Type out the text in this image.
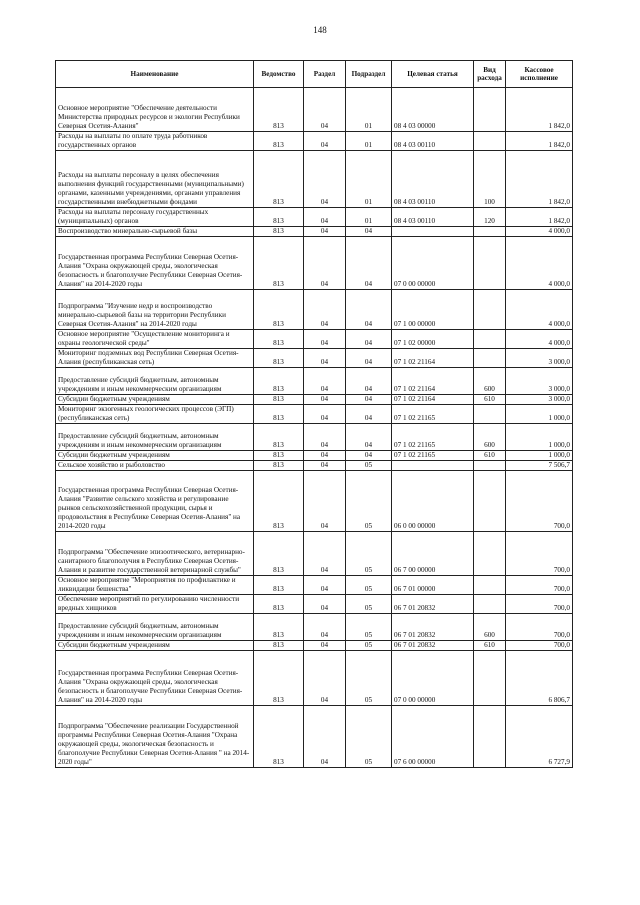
148
Наименование	Ведомство	Раздел	Подраздел	Целевая статья	Вид расхода	Кассовое исполнение
Основное мероприятие "Обеспечение деятельности Министерства природных ресурсов и экологии Республики Северная Осетия-Алания"	813	04	01	08 4 03 00000		1 842,0
Расходы на выплаты по оплате труда работников государственных органов	813	04	01	08 4 03 00110		1 842,0
Расходы на выплаты персоналу в целях обеспечения выполнения функций государственными (муниципальными) органами, казенными учреждениями, органами управления государственными внебюджетными фондами	813	04	01	08 4 03 00110	100	1 842,0
Расходы на выплаты персоналу государственных (муниципальных) органов	813	04	01	08 4 03 00110	120	1 842,0
Воспроизводство минерально-сырьевой базы	813	04	04			4 000,0
Государственная программа Республики Северная Осетия-Алания "Охрана окружающей среды, экологическая безопасность и благополучие Республики Северная Осетия-Алания" на 2014-2020 годы	813	04	04	07 0 00 00000		4 000,0
Подпрограмма "Изучение недр и воспроизводство минерально-сырьевой базы на территории Республики Северная Осетия-Алания" на 2014-2020 годы	813	04	04	07 1 00 00000		4 000,0
Основное мероприятие "Осуществление мониторинга и охраны геологической среды"	813	04	04	07 1 02 00000		4 000,0
Мониторинг подземных вод Республики Северная Осетия-Алания (республиканская сеть)	813	04	04	07 1 02 21164		3 000,0
Предоставление субсидий бюджетным, автономным учреждениям и иным некоммерческим организациям	813	04	04	07 1 02 21164	600	3 000,0
Субсидии бюджетным учреждениям	813	04	04	07 1 02 21164	610	3 000,0
Мониторинг экзогенных геологических процессов (ЭГП) (республиканская сеть)	813	04	04	07 1 02 21165		1 000,0
Предоставление субсидий бюджетным, автономным учреждениям и иным некоммерческим организациям	813	04	04	07 1 02 21165	600	1 000,0
Субсидии бюджетным учреждениям	813	04	04	07 1 02 21165	610	1 000,0
Сельское хозяйство и рыболовство	813	04	05			7 506,7
Государственная программа Республики Северная Осетия-Алания "Развитие сельского хозяйства и регулирование рынков сельскохозяйственной продукции, сырья и продовольствия в Республике Северная Осетия-Алания" на 2014-2020 годы	813	04	05	06 0 00 00000		700,0
Подпрограмма "Обеспечение эпизоотического, ветеринарно-санитарного благополучия в Республике Северная Осетия-Алания и развитие государственной ветеринарной службы"	813	04	05	06 7 00 00000		700,0
Основное мероприятие "Мероприятия по профилактике и ликвидации бешенства"	813	04	05	06 7 01 00000		700,0
Обеспечение мероприятий по регулированию численности вредных хищников	813	04	05	06 7 01 20832		700,0
Предоставление субсидий бюджетным, автономным учреждениям и иным некоммерческим организациям	813	04	05	06 7 01 20832	600	700,0
Субсидии бюджетным учреждениям	813	04	05	06 7 01 20832	610	700,0
Государственная программа Республики Северная Осетия-Алания "Охрана окружающей среды, экологическая безопасность и благополучие Республики Северная Осетия-Алания" на 2014-2020 годы	813	04	05	07 0 00 00000		6 806,7
Подпрограмма "Обеспечение реализации Государственной программы Республики Северная Осетия-Алания "Охрана окружающей среды, экологическая безопасность и благополучие Республики Северная Осетия-Алания " на 2014-2020 годы"	813	04	05	07 6 00 00000		6 727,9
